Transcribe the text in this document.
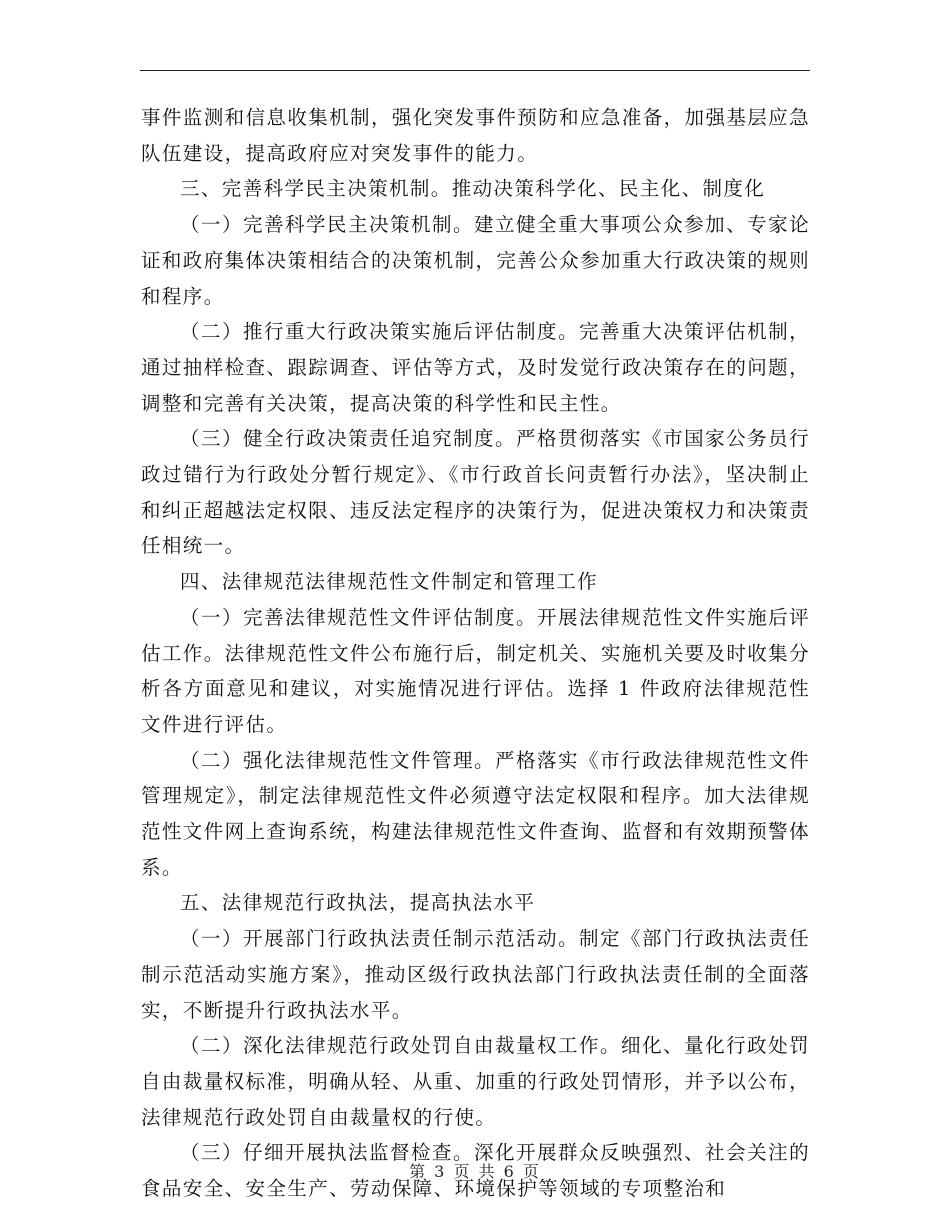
事件监测和信息收集机制，强化突发事件预防和应急准备，加强基层应急队伍建设，提高政府应对突发事件的能力。

三、完善科学民主决策机制。推动决策科学化、民主化、制度化

（一）完善科学民主决策机制。建立健全重大事项公众参加、专家论证和政府集体决策相结合的决策机制，完善公众参加重大行政决策的规则和程序。

（二）推行重大行政决策实施后评估制度。完善重大决策评估机制，通过抽样检查、跟踪调查、评估等方式，及时发觉行政决策存在的问题，调整和完善有关决策，提高决策的科学性和民主性。

（三）健全行政决策责任追究制度。严格贯彻落实《市国家公务员行政过错行为行政处分暂行规定》、《市行政首长问责暂行办法》，坚决制止和纠正超越法定权限、违反法定程序的决策行为，促进决策权力和决策责任相统一。

四、法律规范法律规范性文件制定和管理工作

（一）完善法律规范性文件评估制度。开展法律规范性文件实施后评估工作。法律规范性文件公布施行后，制定机关、实施机关要及时收集分析各方面意见和建议，对实施情况进行评估。选择 1 件政府法律规范性文件进行评估。

（二）强化法律规范性文件管理。严格落实《市行政法律规范性文件管理规定》，制定法律规范性文件必须遵守法定权限和程序。加大法律规范性文件网上查询系统，构建法律规范性文件查询、监督和有效期预警体系。

五、法律规范行政执法，提高执法水平

（一）开展部门行政执法责任制示范活动。制定《部门行政执法责任制示范活动实施方案》，推动区级行政执法部门行政执法责任制的全面落实，不断提升行政执法水平。

（二）深化法律规范行政处罚自由裁量权工作。细化、量化行政处罚自由裁量权标准，明确从轻、从重、加重的行政处罚情形，并予以公布，法律规范行政处罚自由裁量权的行使。

（三）仔细开展执法监督检查。深化开展群众反映强烈、社会关注的食品安全、安全生产、劳动保障、环境保护等领域的专项整治和

第 3 页 共 6 页
